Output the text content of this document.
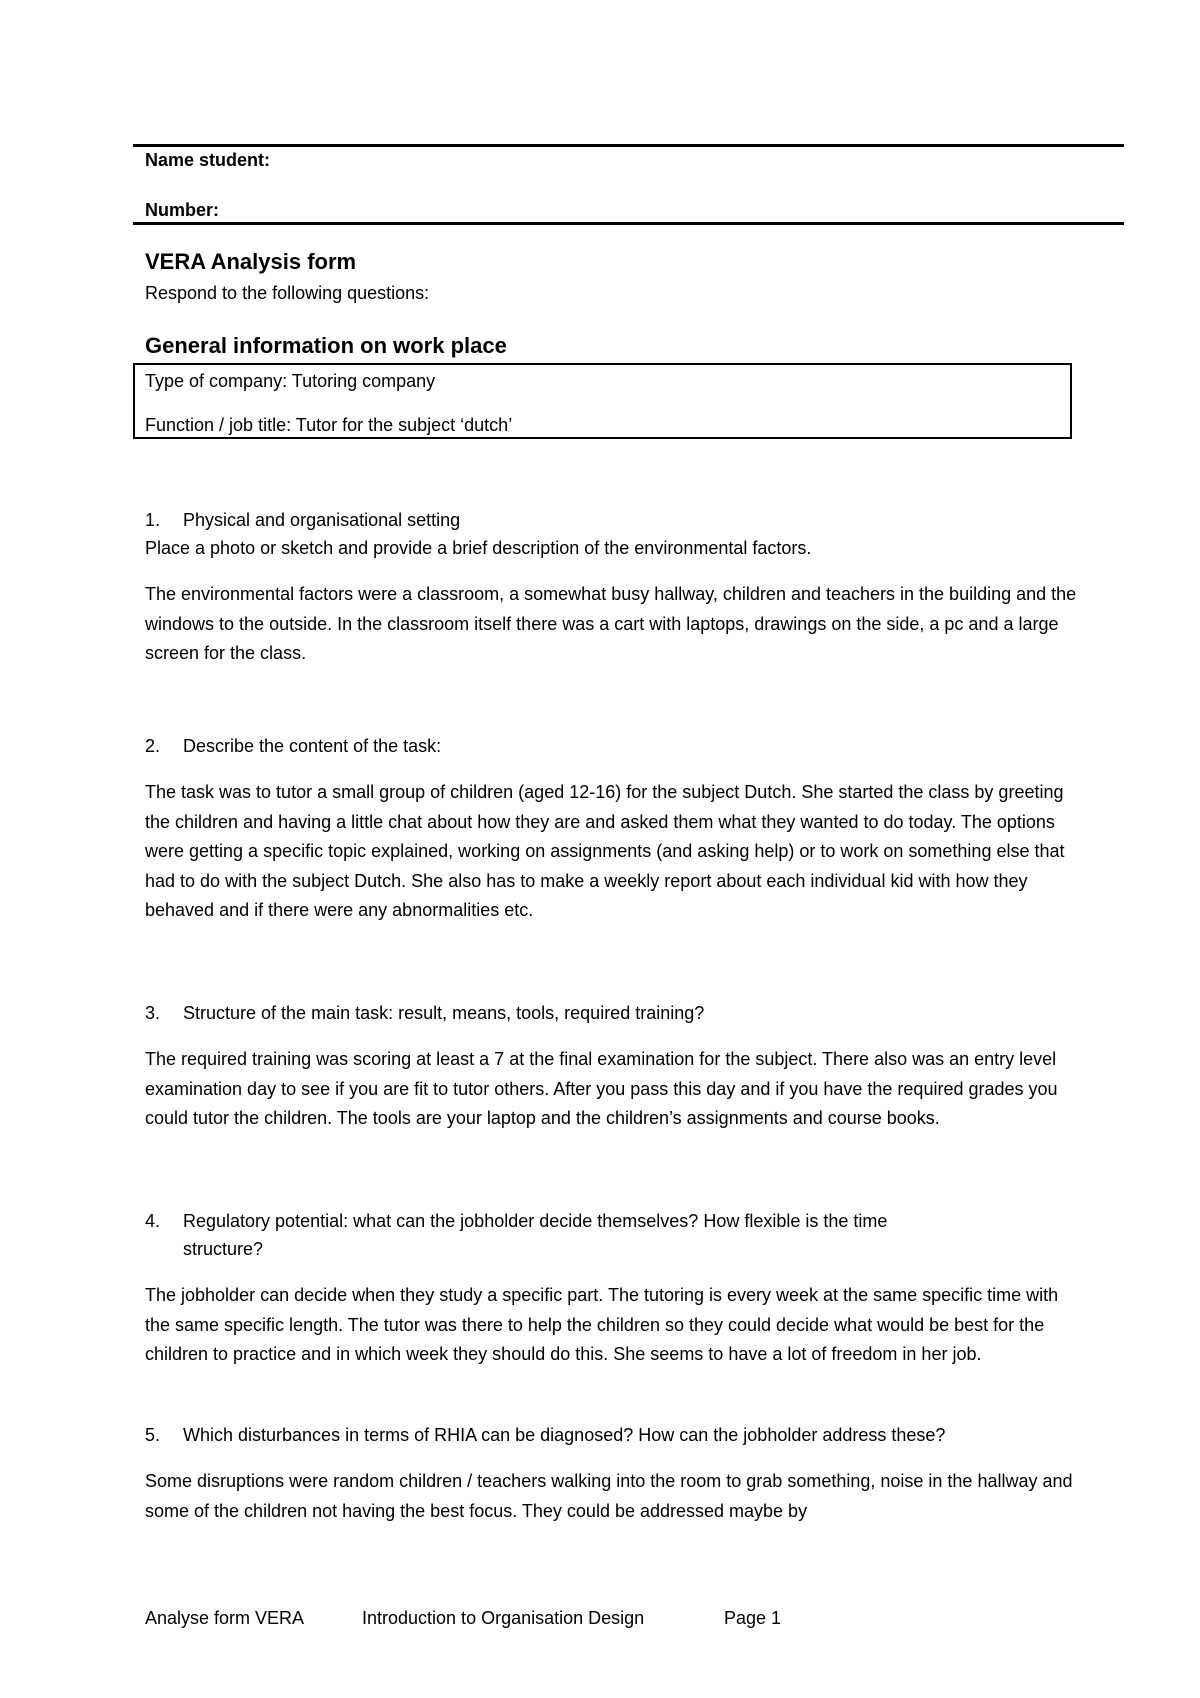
Name student:
Number:
VERA Analysis form
Respond to the following questions:
General information on work place
Type of company: Tutoring company
Function / job title: Tutor for the subject ‘dutch’
1. Physical and organisational setting
Place a photo or sketch and provide a brief description of the environmental factors.
The environmental factors were a classroom, a somewhat busy hallway, children and teachers in the building and the windows to the outside. In the classroom itself there was a cart with laptops, drawings on the side, a pc and a large screen for the class.
2. Describe the content of the task:
The task was to tutor a small group of children (aged 12-16) for the subject Dutch. She started the class by greeting the children and having a little chat about how they are and asked them what they wanted to do today. The options were getting a specific topic explained, working on assignments (and asking help) or to work on something else that had to do with the subject Dutch. She also has to make a weekly report about each individual kid with how they behaved and if there were any abnormalities etc.
3. Structure of the main task: result, means, tools, required training?
The required training was scoring at least a 7 at the final examination for the subject. There also was an entry level examination day to see if you are fit to tutor others. After you pass this day and if you have the required grades you could tutor the children. The tools are your laptop and the children’s assignments and course books.
4. Regulatory potential: what can the jobholder decide themselves? How flexible is the time
structure?
The jobholder can decide when they study a specific part. The tutoring is every week at the same specific time with the same specific length. The tutor was there to help the children so they could decide what would be best for the children to practice and in which week they should do this. She seems to have a lot of freedom in her job.
5. Which disturbances in terms of RHIA can be diagnosed? How can the jobholder address these?
Some disruptions were random children / teachers walking into the room to grab something, noise in the hallway and some of the children not having the best focus. They could be addressed maybe by
Analyse form VERA	Introduction to Organisation Design	Page 1
